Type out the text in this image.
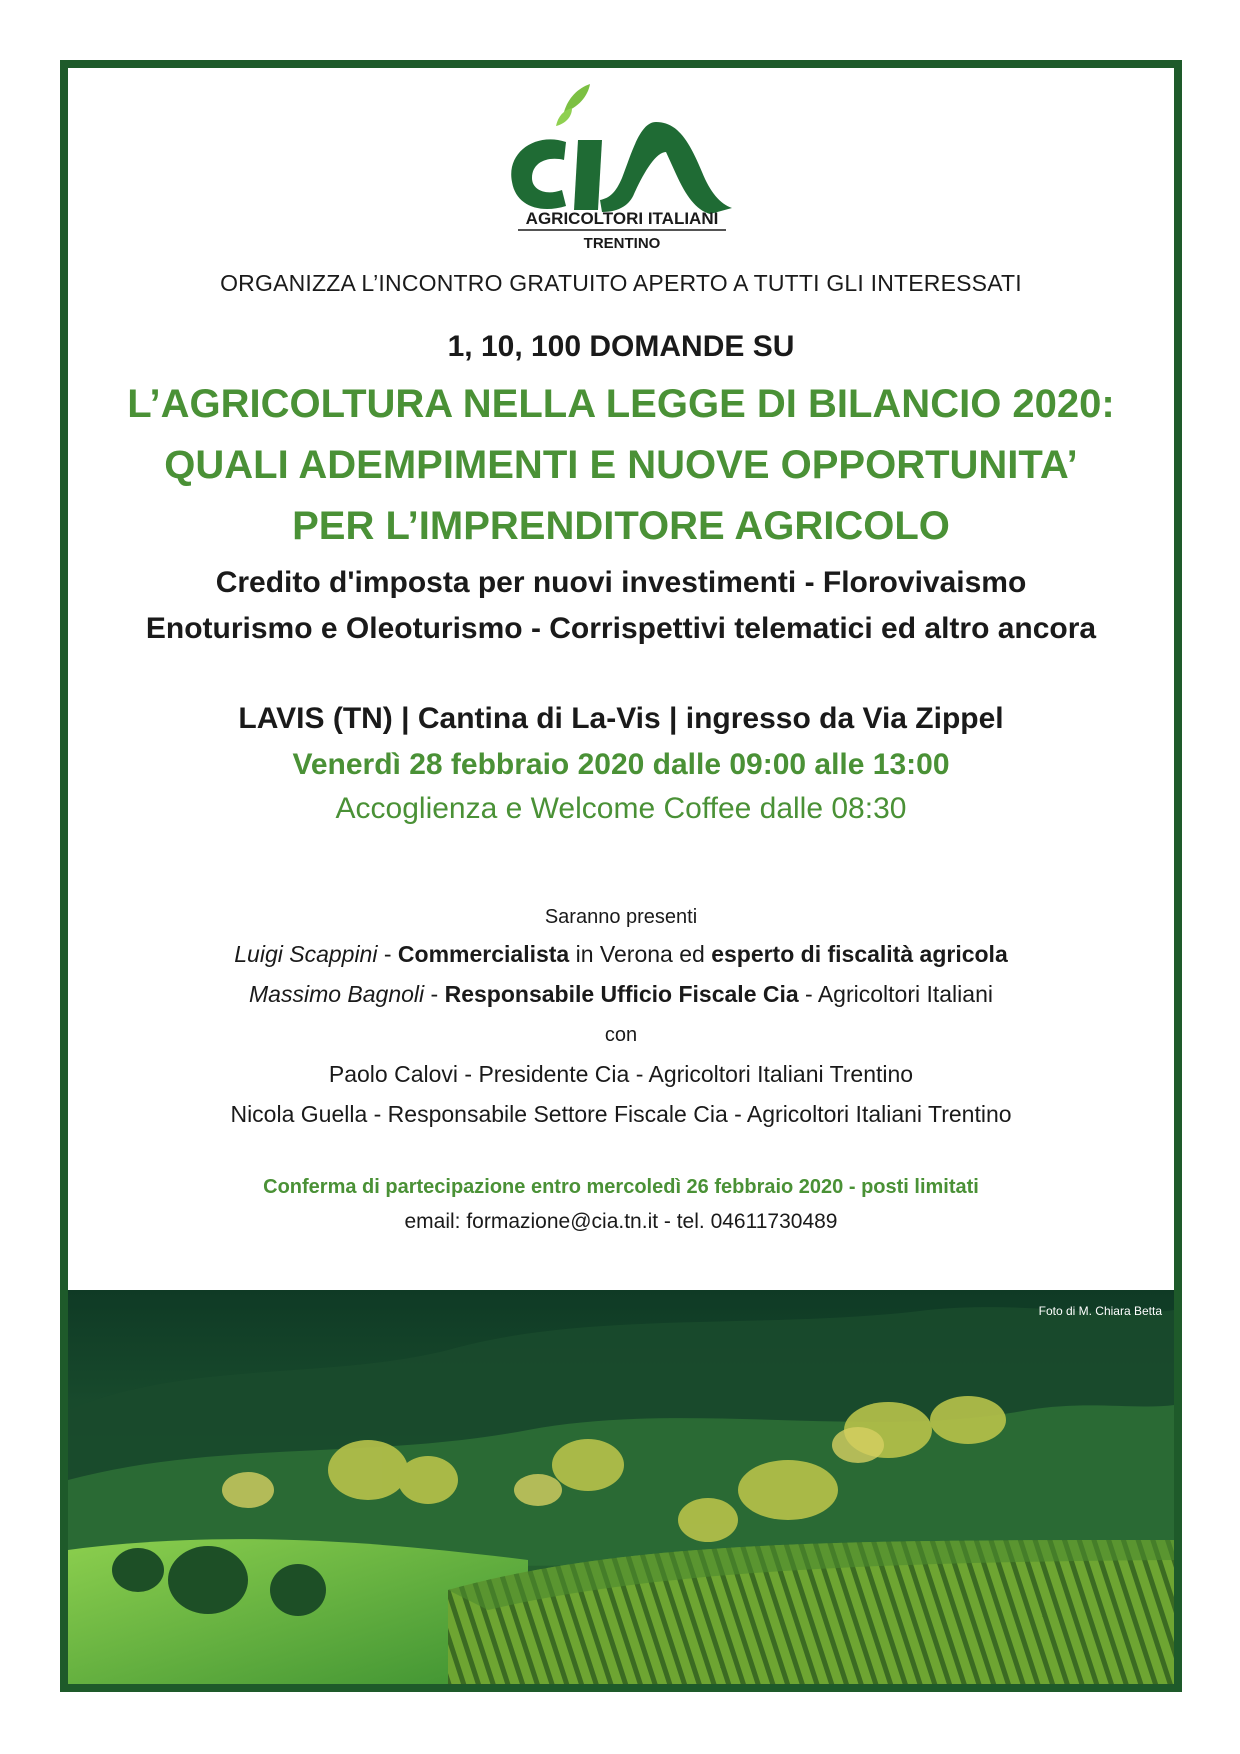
AGRICOLTORI ITALIANI
TRENTINO
ORGANIZZA L’INCONTRO GRATUITO APERTO A TUTTI GLI INTERESSATI
1, 10, 100 DOMANDE SU
L’AGRICOLTURA NELLA LEGGE DI BILANCIO 2020:
QUALI ADEMPIMENTI E NUOVE OPPORTUNITA’
PER L’IMPRENDITORE AGRICOLO
Credito d'imposta per nuovi investimenti - Florovivaismo
Enoturismo e Oleoturismo - Corrispettivi telematici ed altro ancora
LAVIS (TN) | Cantina di La-Vis | ingresso da Via Zippel
Venerdì 28 febbraio 2020 dalle 09:00 alle 13:00
Accoglienza e Welcome Coffee dalle 08:30
Saranno presenti
Luigi Scappini - Commercialista in Verona ed esperto di fiscalità agricola
Massimo Bagnoli - Responsabile Ufficio Fiscale Cia - Agricoltori Italiani
con
Paolo Calovi - Presidente Cia - Agricoltori Italiani Trentino
Nicola Guella - Responsabile Settore Fiscale Cia - Agricoltori Italiani Trentino
Conferma di partecipazione entro mercoledì 26 febbraio 2020 - posti limitati
email: formazione@cia.tn.it - tel. 04611730489
Foto di M. Chiara Betta
